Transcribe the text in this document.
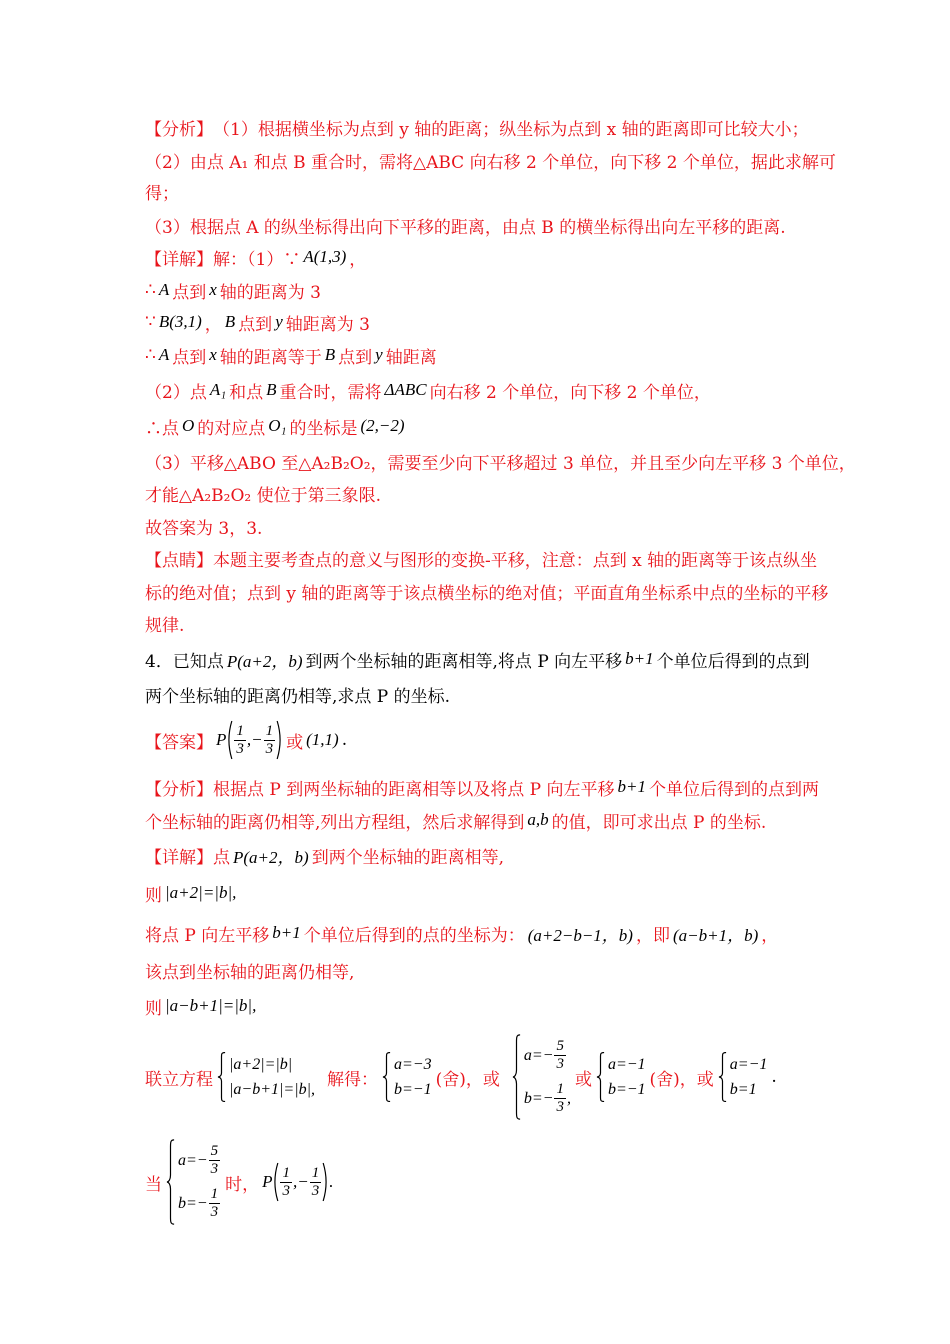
【分析】 （1）根据横坐标为点到 y 轴的距离；纵坐标为点到 x 轴的距离即可比较大小；
（2）由点 A₁ 和点 B 重合时，需将△ABC 向右移 2 个单位，向下移 2 个单位，据此求解可
得；
（3）根据点 A 的纵坐标得出向下平移的距离，由点 B 的横坐标得出向左平移的距离.
【详解】 解：（1）∵ A(1,3) ，
∴ A 点到 x 轴的距离为 3
∵ B(3,1) ， B 点到 y 轴距离为 3
∴ A 点到 x 轴的距离等于 B 点到 y 轴距离
（2）点 A₁ 和点 B 重合时，需将 ΔABC 向右移 2 个单位，向下移 2 个单位，
∴点 O 的对应点 O₁ 的坐标是 (2,−2)
（3）平移△ABO 至△A₂B₂O₂，需要至少向下平移超过 3 单位，并且至少向左平移 3 个单位，
才能△A₂B₂O₂ 使位于第三象限.
故答案为 3，3.
【点睛】 本题主要考查点的意义与图形的变换-平移，注意：点到 x 轴的距离等于该点纵坐
标的绝对值；点到 y 轴的距离等于该点横坐标的绝对值；平面直角坐标系中点的坐标的平移
规律.
4．已知点 P(a+2，b) 到两个坐标轴的距离相等,将点 P 向左平移 b+1 个单位后得到的点到
两个坐标轴的距离仍相等,求点 P 的坐标.
【答案】 P $\frac{1}{3}$ , − $\frac{1}{3}$ 或 (1,1) .
【分析】 根据点 P 到两坐标轴的距离相等以及将点 P 向左平移 b+1 个单位后得到的点到两
个坐标轴的距离仍相等,列出方程组，然后求解得到 a,b 的值，即可求出点 P 的坐标.
【详解】 点 P(a+2，b) 到两个坐标轴的距离相等,
则 |a+2|=|b|,
将点 P 向左平移 b+1 个单位后得到的点的坐标为： (a+2−b−1，b) ，即 (a−b+1，b) ，
该点到坐标轴的距离仍相等,
则 |a−b+1|=|b|,
联立方程
|a+2|=|b|
|a−b+1|=|b|, 解得：
a=−3
b=−1 (舍)，或
$a=- \frac{5}{3}$
$b=- \frac{1}{3}$ ,
或
a=−1
b=−1 (舍)，或
a=−1
b=1
.
当
$a=- \frac{5}{3}$
$b=- \frac{1}{3}$
时， P $\frac{1}{3}$ , − $\frac{1}{3}$ .
